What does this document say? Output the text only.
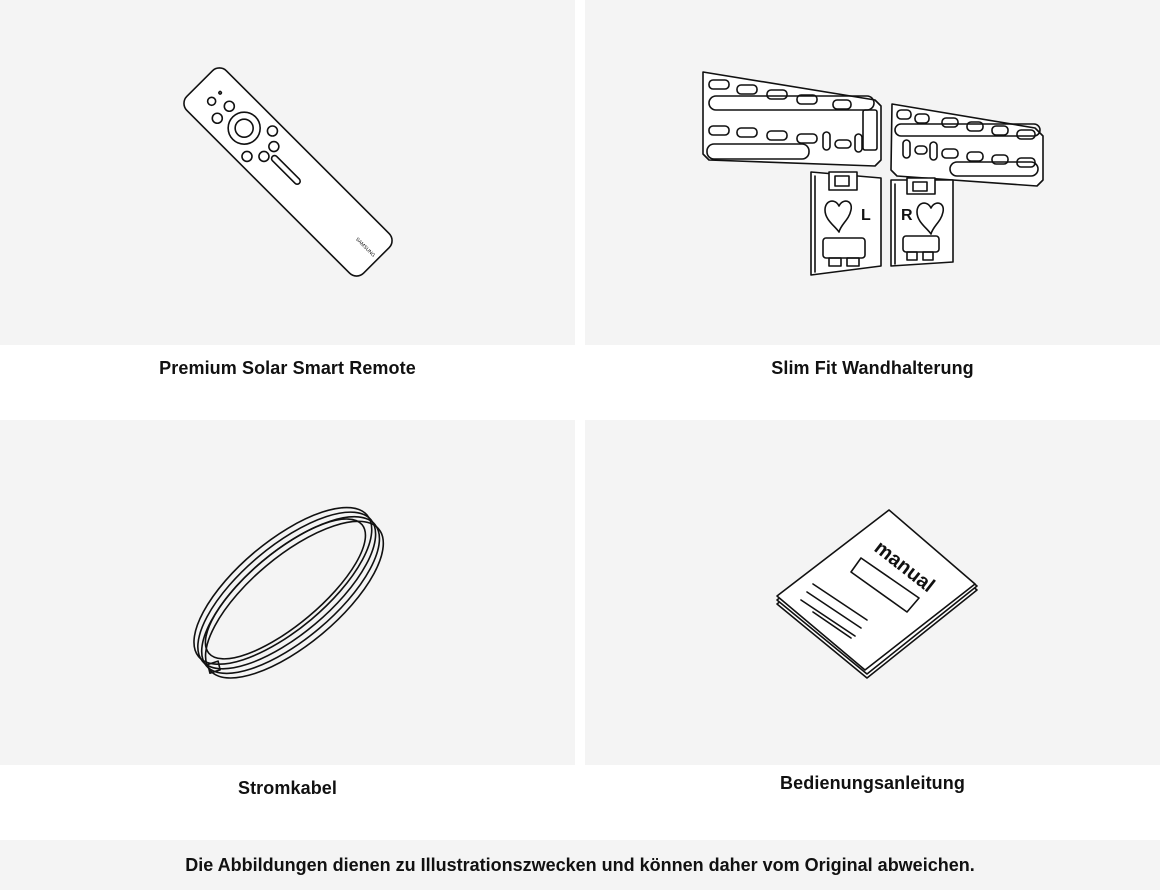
SAMSUNG
Premium Solar Smart Remote
L R
Slim Fit Wandhalterung
Stromkabel
manual
Bedienungsanleitung
Die Abbildungen dienen zu Illustrationszwecken und können daher vom Original abweichen.
